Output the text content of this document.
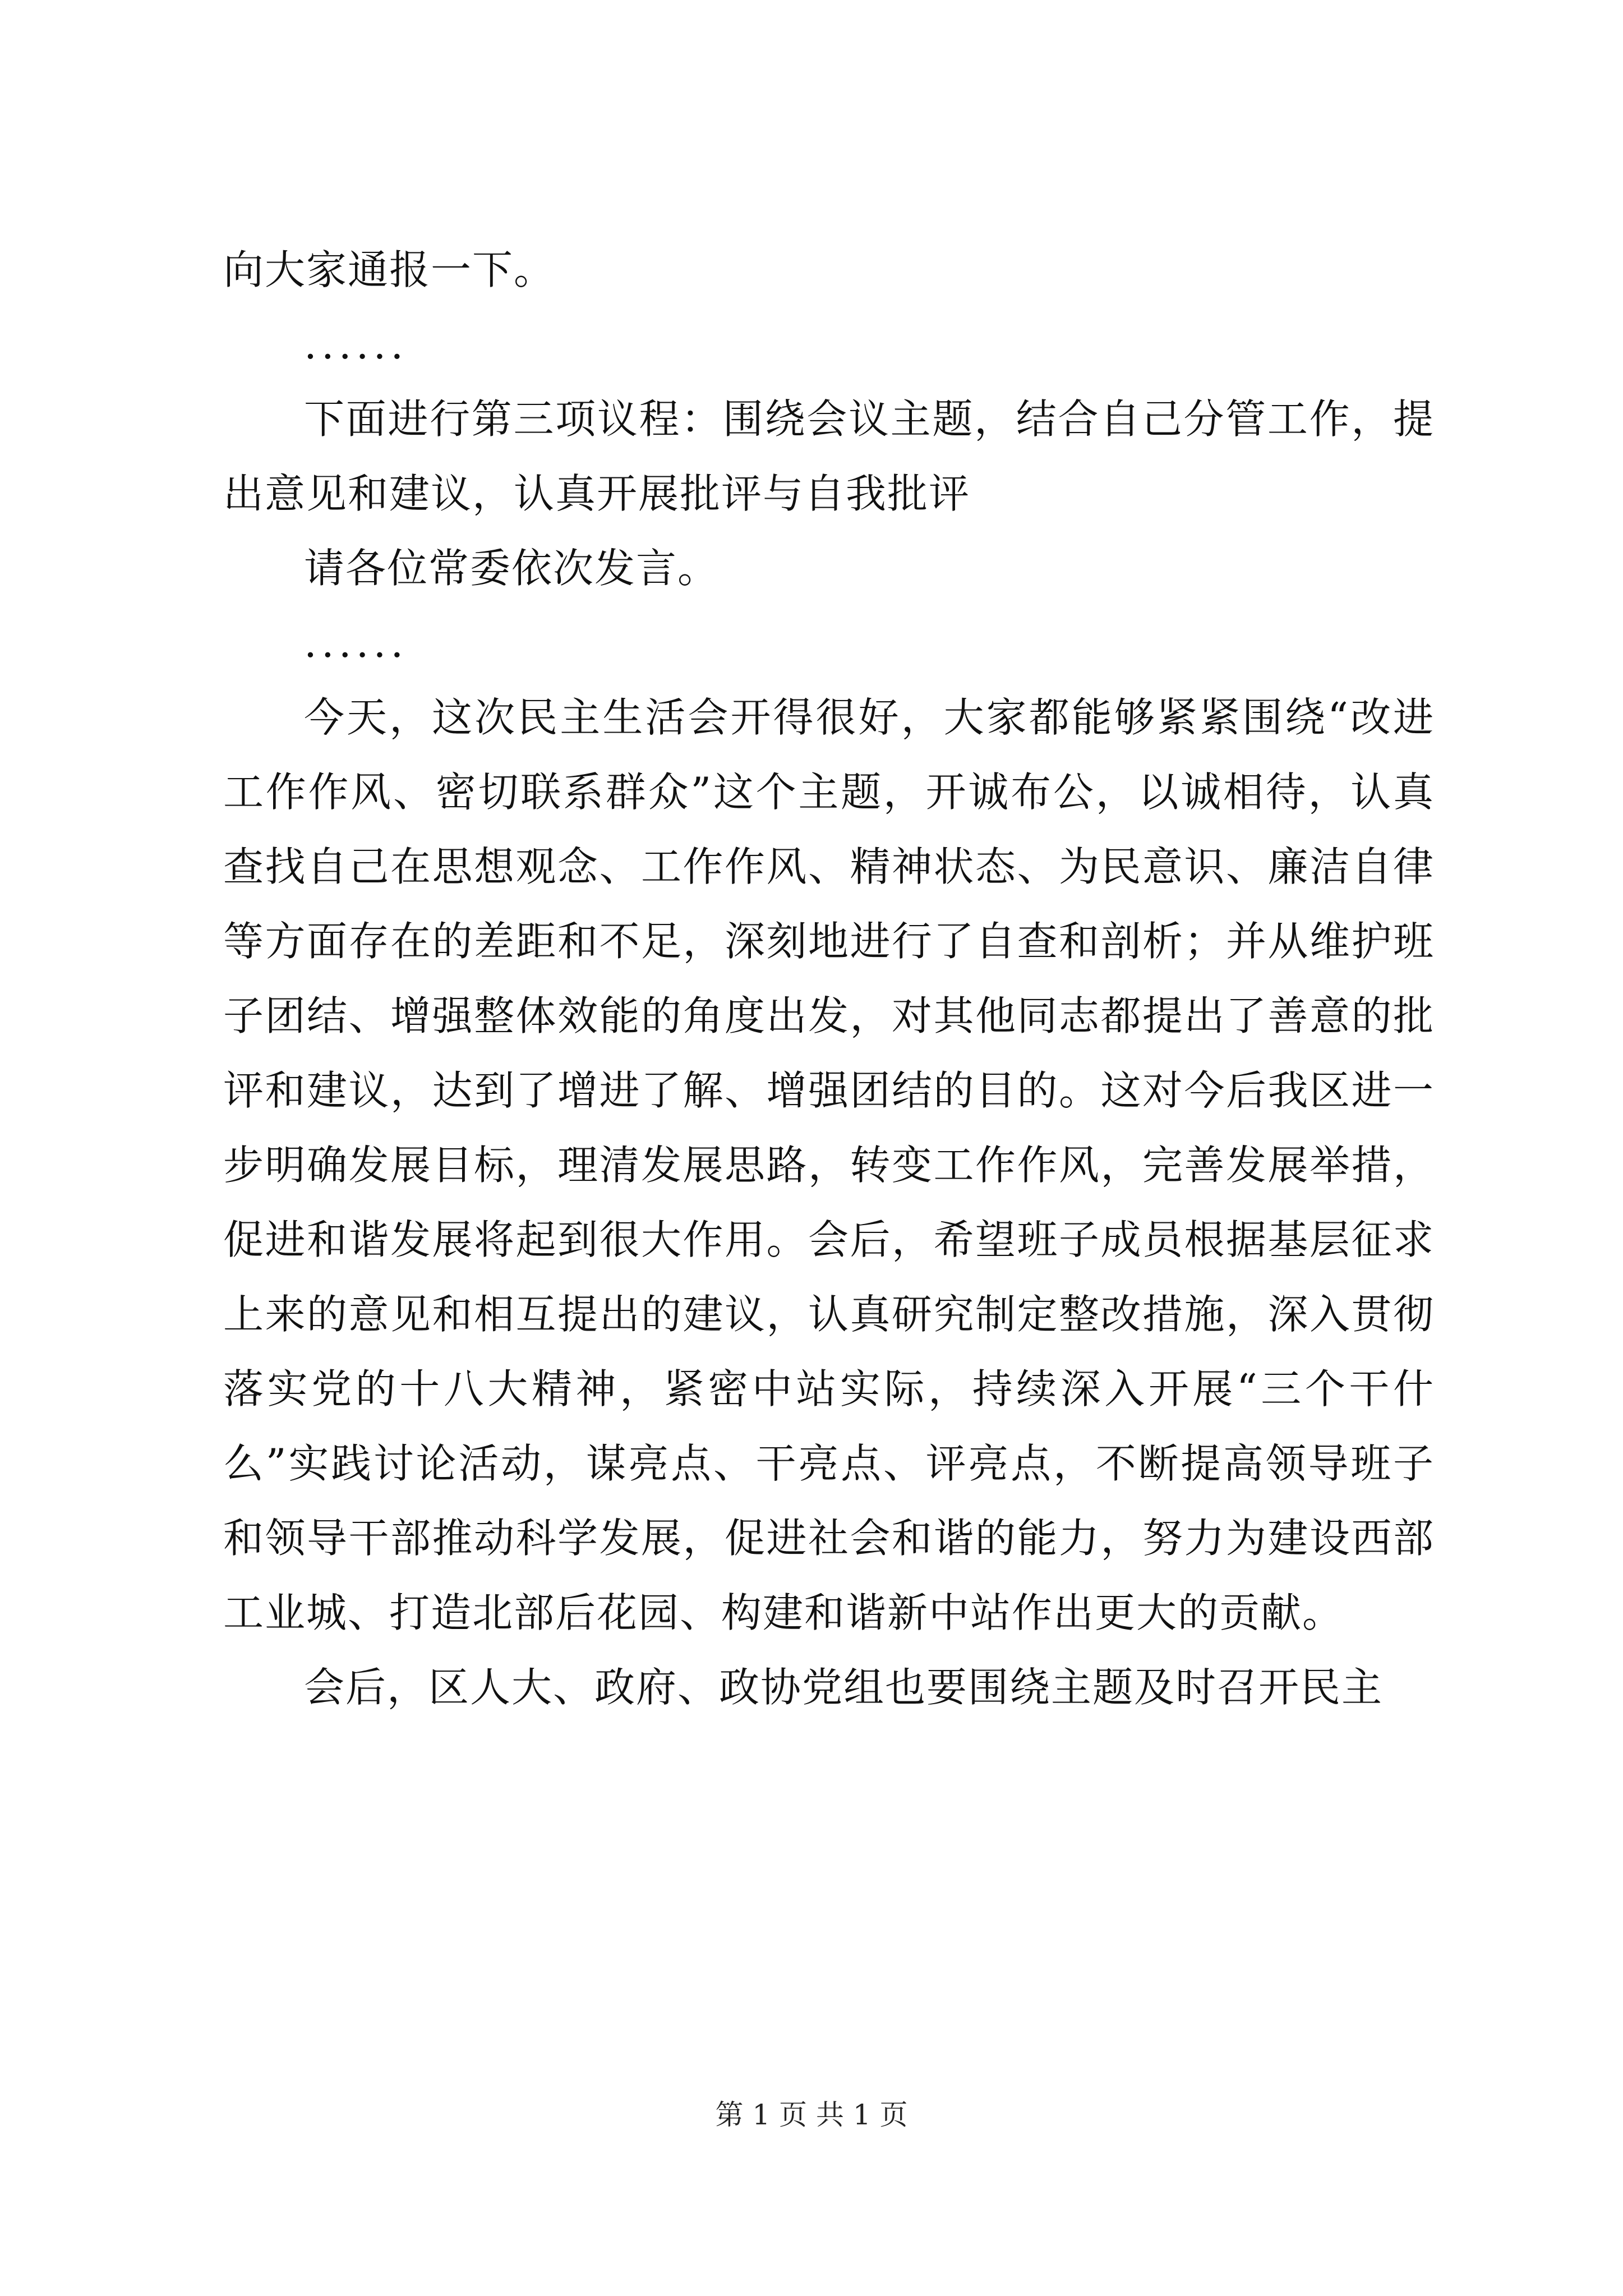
向大家通报一下。

......

下面进行第三项议程：围绕会议主题，结合自己分管工作，提出意见和建议，认真开展批评与自我批评

请各位常委依次发言。

......

今天，这次民主生活会开得很好，大家都能够紧紧围绕“改进工作作风、密切联系群众”这个主题，开诚布公，以诚相待，认真查找自己在思想观念、工作作风、精神状态、为民意识、廉洁自律等方面存在的差距和不足，深刻地进行了自查和剖析；并从维护班子团结、增强整体效能的角度出发，对其他同志都提出了善意的批评和建议，达到了增进了解、增强团结的目的。这对今后我区进一步明确发展目标，理清发展思路，转变工作作风，完善发展举措，促进和谐发展将起到很大作用。会后，希望班子成员根据基层征求上来的意见和相互提出的建议，认真研究制定整改措施，深入贯彻落实党的十八大精神，紧密中站实际，持续深入开展“三个干什么”实践讨论活动，谋亮点、干亮点、评亮点，不断提高领导班子和领导干部推动科学发展，促进社会和谐的能力，努力为建设西部工业城、打造北部后花园、构建和谐新中站作出更大的贡献。

会后，区人大、政府、政协党组也要围绕主题及时召开民主

第 1 页 共 1 页
